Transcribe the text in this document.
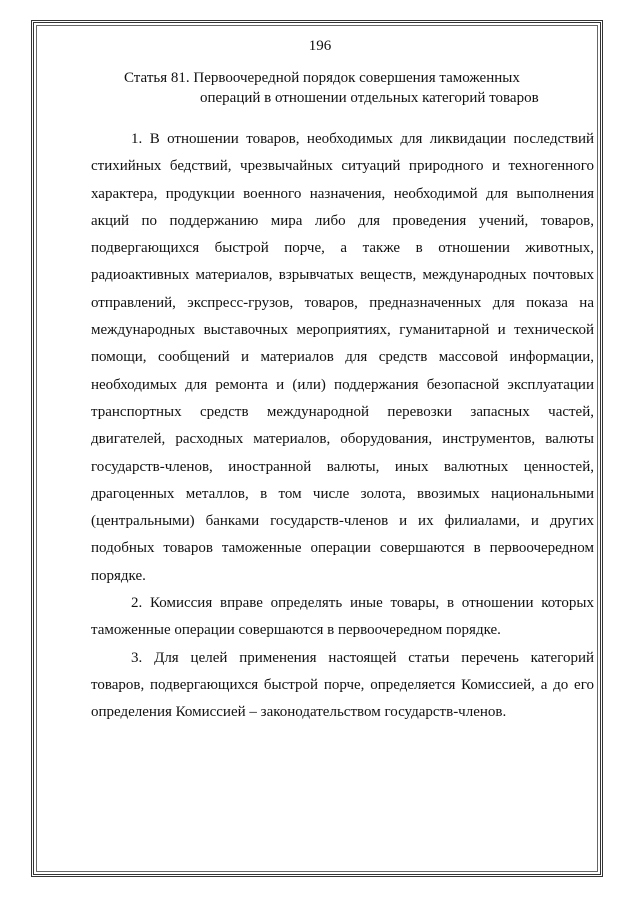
196
Статья 81. Первоочередной порядок совершения таможенных
операций в отношении отдельных категорий товаров

1. В отношении товаров, необходимых для ликвидации последствий стихийных бедствий, чрезвычайных ситуаций природного и техногенного характера, продукции военного назначения, необходимой для выполнения акций по поддержанию мира либо для проведения учений, товаров, подвергающихся быстрой порче, а также в отношении животных, радиоактивных материалов, взрывчатых веществ, международных почтовых отправлений, экспресс-грузов, товаров, предназначенных для показа на международных выставочных мероприятиях, гуманитарной и технической помощи, сообщений и материалов для средств массовой информации, необходимых для ремонта и (или) поддержания безопасной эксплуатации транспортных средств международной перевозки запасных частей, двигателей, расходных материалов, оборудования, инструментов, валюты государств-членов, иностранной валюты, иных валютных ценностей, драгоценных металлов, в том числе золота, ввозимых национальными (центральными) банками государств-членов и их филиалами, и других подобных товаров таможенные операции совершаются в первоочередном порядке.

2. Комиссия вправе определять иные товары, в отношении которых таможенные операции совершаются в первоочередном порядке.

3. Для целей применения настоящей статьи перечень категорий товаров, подвергающихся быстрой порче, определяется Комиссией, а до его определения Комиссией – законодательством государств-членов.
